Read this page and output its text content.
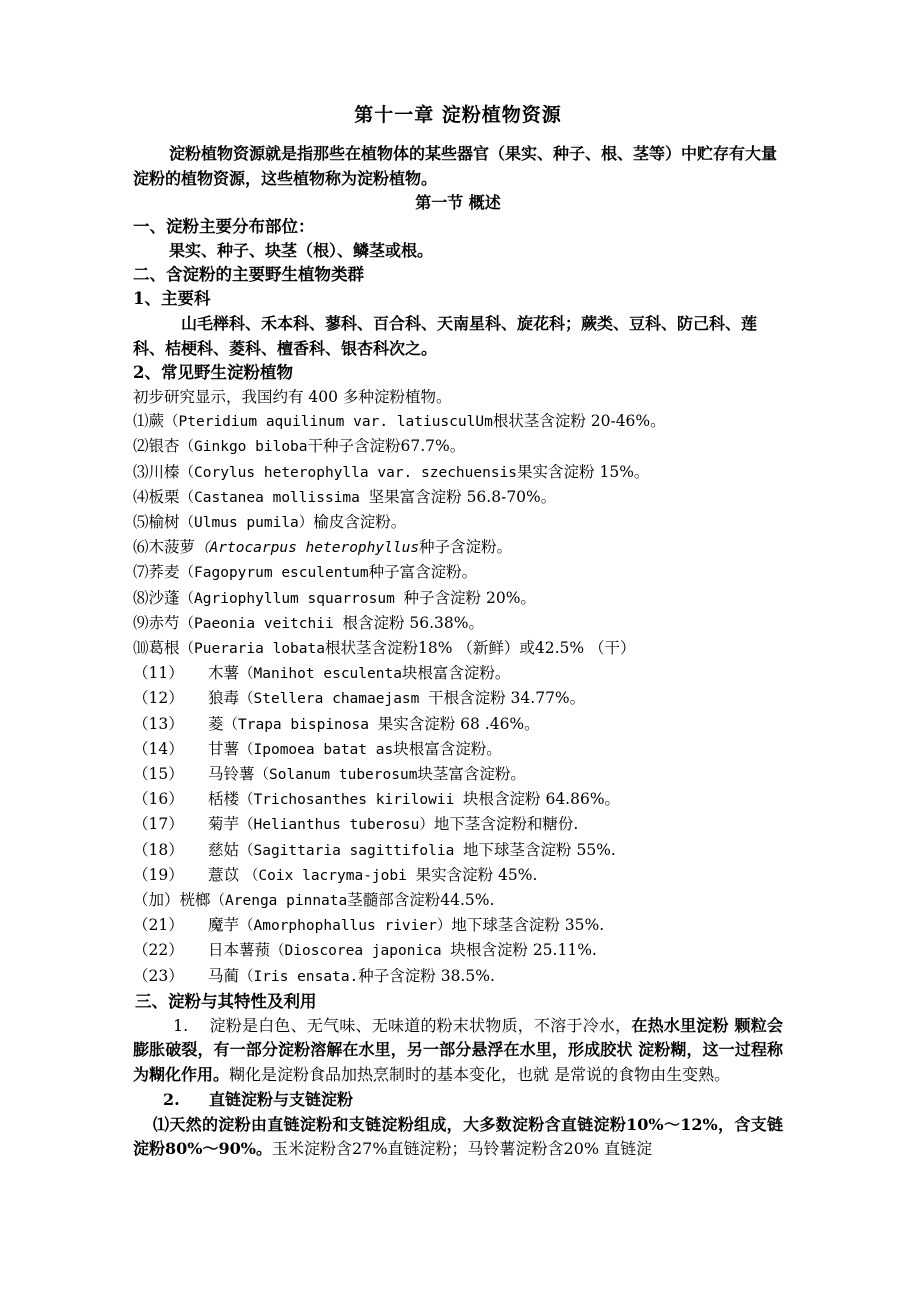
第十一章 淀粉植物资源

淀粉植物资源就是指那些在植物体的某些器官（果实、种子、根、茎等）中贮存有大量淀粉的植物资源，这些植物称为淀粉植物。

第一节 概述

一、淀粉主要分布部位：

果实、种子、块茎（根）、鳞茎或根。

二、含淀粉的主要野生植物类群

1、主要科

山毛榉科、禾本科、蓼科、百合科、天南星科、旋花科；蕨类、豆科、防己科、莲科、桔梗科、菱科、檀香科、银杏科次之。

2、常见野生淀粉植物

初步研究显示，我国约有 400 多种淀粉植物。

⑴蕨（Pteridium aquilinum var. latiusculUm根状茎含淀粉 20-46%。
⑵银杏（Ginkgo biloba干种子含淀粉67.7%。
⑶川榛（Corylus heterophylla var. szechuensis果实含淀粉 15%。
⑷板栗（Castanea mollissima 坚果富含淀粉 56.8-70%。
⑸榆树（Ulmus pumila）榆皮含淀粉。
⑹木菠萝（Artocarpus heterophyllus种子含淀粉。
⑺荞麦（Fagopyrum esculentum种子富含淀粉。
⑻沙蓬（Agriophyllum squarrosum 种子含淀粉 20%。
⑼赤芍（Paeonia veitchii 根含淀粉 56.38%。
⑽葛根（Pueraria lobata根状茎含淀粉18% （新鲜）或42.5% （干）
（11） 木薯（Manihot esculenta块根富含淀粉。
（12） 狼毒（Stellera chamaejasm 干根含淀粉 34.77%。
（13） 菱（Trapa bispinosa 果实含淀粉 68 .46%。
（14） 甘薯（Ipomoea batat as块根富含淀粉。
（15） 马铃薯（Solanum tuberosum块茎富含淀粉。
（16） 栝楼（Trichosanthes kirilowii 块根含淀粉 64.86%。
（17） 菊芋（Helianthus tuberosu）地下茎含淀粉和糖份.
（18） 慈姑（Sagittaria sagittifolia 地下球茎含淀粉 55%.
（19） 薏苡 （Coix lacryma-jobi 果实含淀粉 45%.
（加）桄榔（Arenga pinnata茎髓部含淀粉44.5%.
（21） 魔芋（Amorphophallus rivier）地下球茎含淀粉 35%.
（22） 日本薯蓣（Dioscorea japonica 块根含淀粉 25.11%.
（23） 马蔺（Iris ensata.种子含淀粉 38.5%.

三、淀粉与其特性及利用

1. 淀粉是白色、无气味、无味道的粉末状物质，不溶于冷水，在热水里淀粉 颗粒会膨胀破裂，有一部分淀粉溶解在水里，另一部分悬浮在水里，形成胶状 淀粉糊，这一过程称为糊化作用。糊化是淀粉食品加热烹制时的基本变化，也就 是常说的食物由生变熟。

2. 直链淀粉与支链淀粉

⑴天然的淀粉由直链淀粉和支链淀粉组成，大多数淀粉含直链淀粉10%〜12%，含支链淀粉80%〜90%。玉米淀粉含27%直链淀粉；马铃薯淀粉含20% 直链淀
